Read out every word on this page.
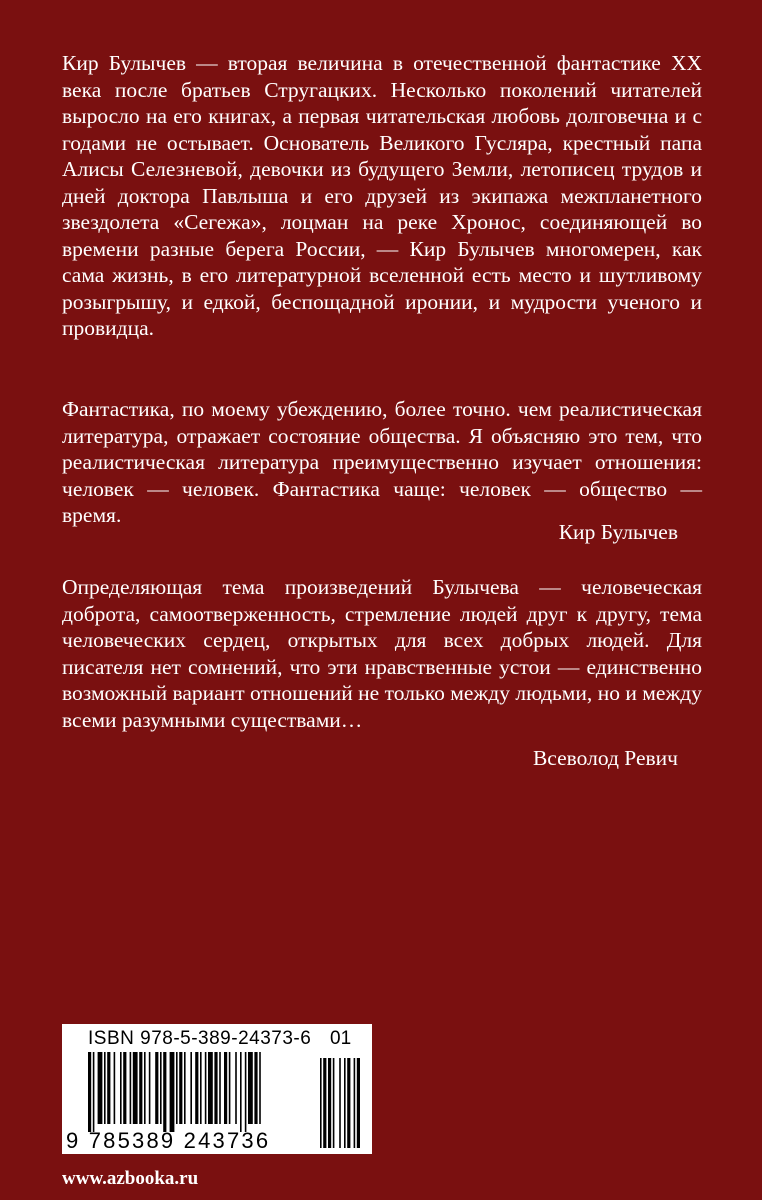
Кир Булычев — вторая величина в отечественной фантастике XX века после братьев Стругацких. Несколько поколений читателей выросло на его книгах, а первая читательская любовь долговечна и с годами не остывает. Основатель Великого Гусляра, крестный папа Алисы Селезневой, девочки из будущего Земли, летописец трудов и дней доктора Павлыша и его друзей из экипажа межпланетного звездолета «Сегежа», лоцман на реке Хронос, соединяющей во времени разные берега России, — Кир Булычев многомерен, как сама жизнь, в его литературной вселенной есть место и шутливому розыгрышу, и едкой, беспощадной иронии, и мудрости ученого и провидца.

Фантастика, по моему убеждению, более точно. чем реалистическая литература, отражает состояние общества. Я объясняю это тем, что реалистическая литература преимущественно изучает отношения: человек — человек. Фантастика чаще: человек — общество — время.

Кир Булычев

Определяющая тема произведений Булычева — человеческая доброта, самоотверженность, стремление людей друг к другу, тема человеческих сердец, открытых для всех добрых людей. Для писателя нет сомнений, что эти нравственные устои — единственно возможный вариант отношений не только между людьми, но и между всеми разумными существами…

Всеволод Ревич
ISBN 978-5-389-24373-6 01
9 785389 243736
www.azbooka.ru
